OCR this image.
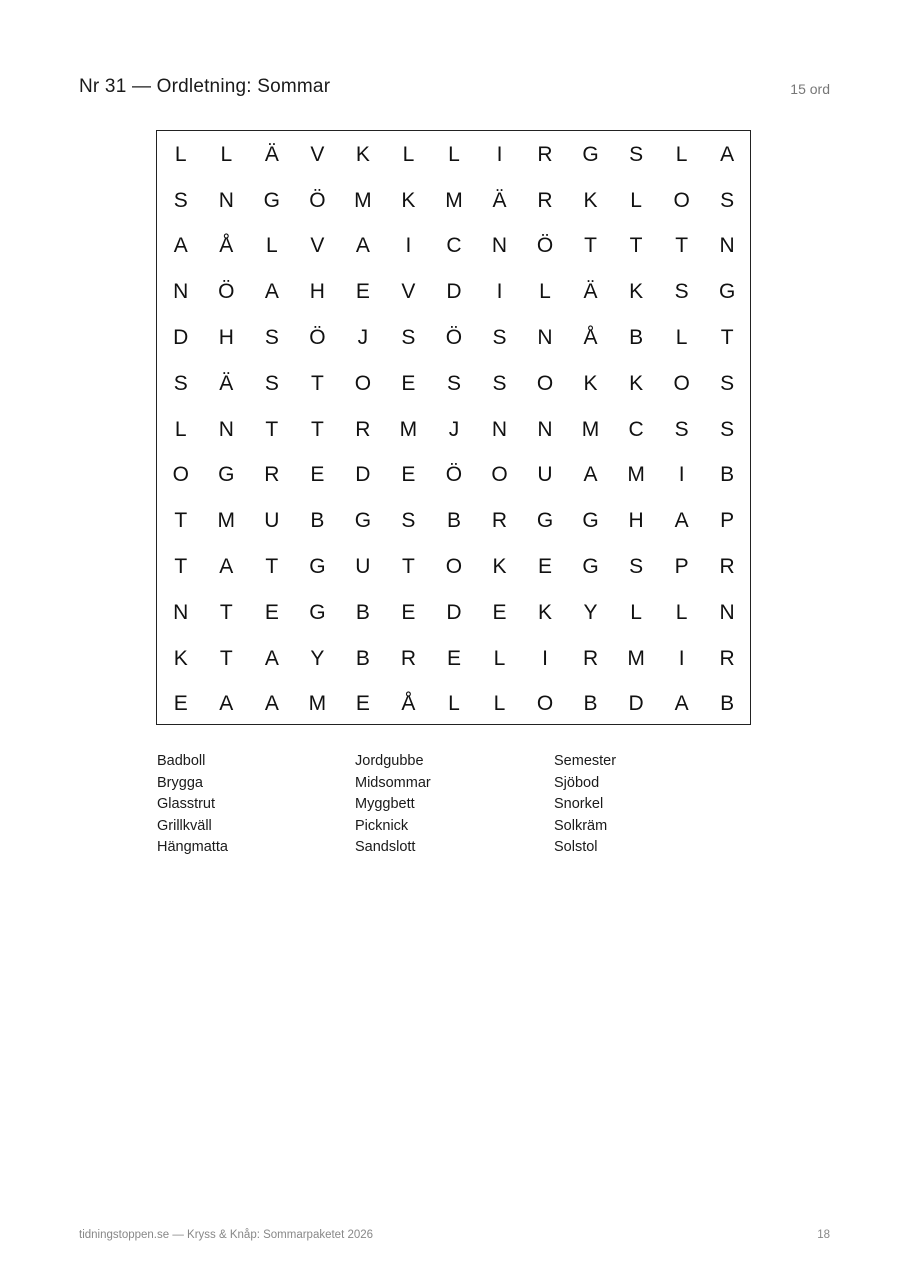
Nr 31 — Ordletning: Sommar	15 ord
L	L	Ä	V	K	L	L	I	R	G	S	L	A
S	N	G	Ö	M	K	M	Ä	R	K	L	O	S
A	Å	L	V	A	I	C	N	Ö	T	T	T	N
N	Ö	A	H	E	V	D	I	L	Ä	K	S	G
D	H	S	Ö	J	S	Ö	S	N	Å	B	L	T
S	Ä	S	T	O	E	S	S	O	K	K	O	S
L	N	T	T	R	M	J	N	N	M	C	S	S
O	G	R	E	D	E	Ö	O	U	A	M	I	B
T	M	U	B	G	S	B	R	G	G	H	A	P
T	A	T	G	U	T	O	K	E	G	S	P	R
N	T	E	G	B	E	D	E	K	Y	L	L	N
K	T	A	Y	B	R	E	L	I	R	M	I	R
E	A	A	M	E	Å	L	L	O	B	D	A	B
Badboll
Brygga
Glasstrut
Grillkväll
Hängmatta
Jordgubbe
Midsommar
Myggbett
Picknick
Sandslott
Semester
Sjöbod
Snorkel
Solkräm
Solstol
tidningstoppen.se — Kryss & Knåp: Sommarpaketet 2026	18
